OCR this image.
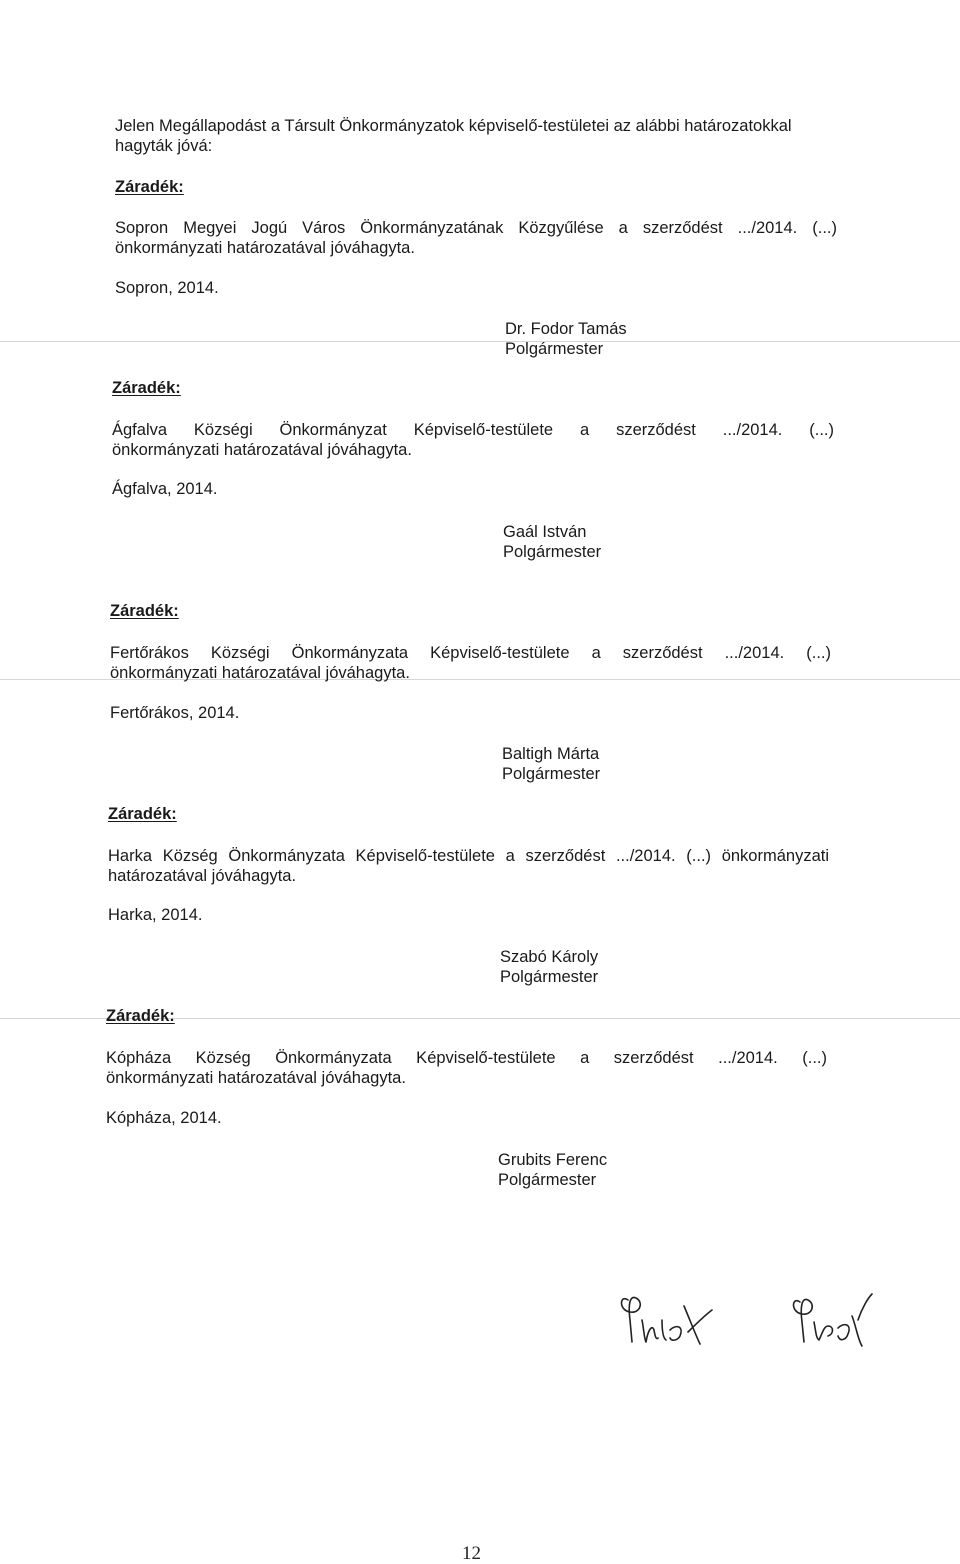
Jelen Megállapodást a Társult Önkormányzatok képviselő-testületei az alábbi határozatokkal
hagyták jóvá:

Záradék:

Sopron Megyei Jogú Város Önkormányzatának Közgyűlése a szerződést .../2014. (...)
önkormányzati határozatával jóváhagyta.

Sopron, 2014.

Dr. Fodor Tamás
Polgármester

Záradék:

Ágfalva Községi Önkormányzat Képviselő-testülete a szerződést .../2014. (...)
önkormányzati határozatával jóváhagyta.

Ágfalva, 2014.

Gaál István
Polgármester

Záradék:

Fertőrákos Községi Önkormányzata Képviselő-testülete a szerződést .../2014. (...)
önkormányzati határozatával jóváhagyta.

Fertőrákos, 2014.

Baltigh Márta
Polgármester

Záradék:

Harka Község Önkormányzata Képviselő-testülete a szerződést .../2014. (...) önkormányzati
határozatával jóváhagyta.

Harka, 2014.

Szabó Károly
Polgármester

Záradék:

Kópháza Község Önkormányzata Képviselő-testülete a szerződést .../2014. (...)
önkormányzati határozatával jóváhagyta.

Kópháza, 2014.

Grubits Ferenc
Polgármester
12
